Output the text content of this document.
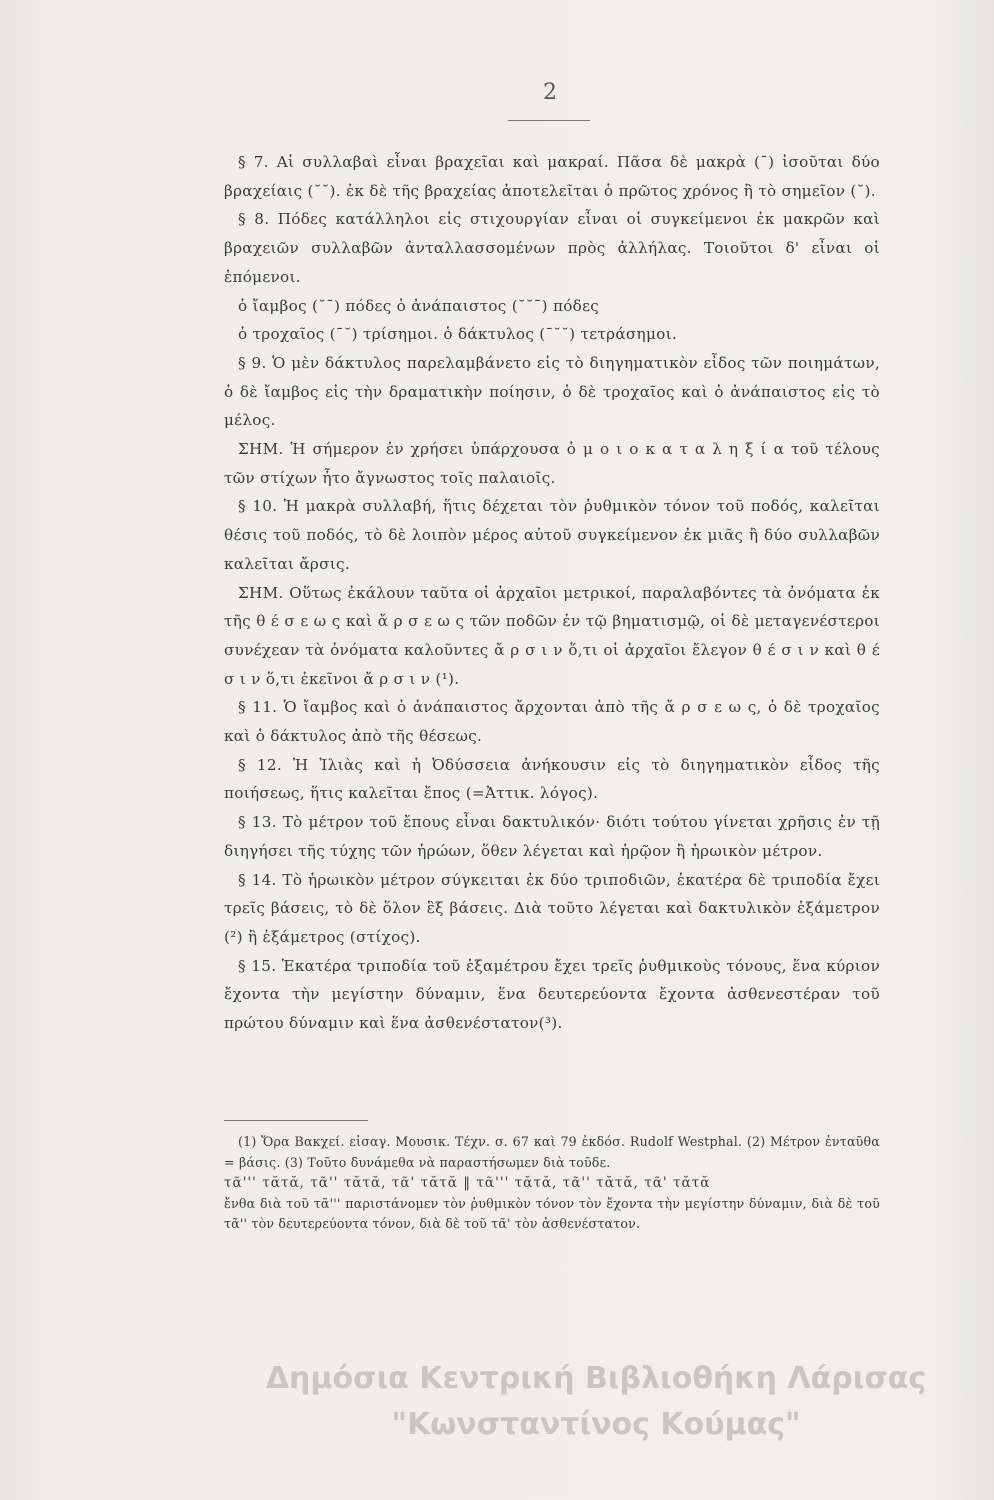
2

§ 7. Αἱ συλλαβαὶ εἶναι βραχεῖαι καὶ μακραί. Πᾶσα δὲ μακρὰ (¯) ἰσοῦται δύο βραχείαις (˘˘). ἐκ δὲ τῆς βραχείας ἀποτελεῖται ὁ πρῶτος χρόνος ἢ τὸ σημεῖον (˘).

§ 8. Πόδες κατάλληλοι εἰς στιχουργίαν εἶναι οἱ συγκείμενοι ἐκ μακρῶν καὶ βραχειῶν συλλαβῶν ἀνταλλασσομένων πρὸς ἀλλήλας. Τοιοῦτοι δ' εἶναι οἱ ἑπόμενοι.

ὁ ἴαμβος (˘¯) πόδες ὁ ἀνάπαιστος (˘˘¯) πόδες

ὁ τροχαῖος (¯˘) τρίσημοι. ὁ δάκτυλος (¯˘˘) τετράσημοι.

§ 9. Ὁ μὲν δάκτυλος παρελαμβάνετο εἰς τὸ διηγηματικὸν εἶδος τῶν ποιημάτων, ὁ δὲ ἴαμβος εἰς τὴν δραματικὴν ποίησιν, ὁ δὲ τροχαῖος καὶ ὁ ἀνάπαιστος εἰς τὸ μέλος.

ΣΗΜ. Ἡ σήμερον ἐν χρήσει ὑπάρχουσα ὁ μ ο ι ο κ α τ α λ η ξ ί α τοῦ τέλους τῶν στίχων ἦτο ἄγνωστος τοῖς παλαιοῖς.

§ 10. Ἡ μακρὰ συλλαβή, ἥτις δέχεται τὸν ῥυθμικὸν τόνον τοῦ ποδός, καλεῖται θέσις τοῦ ποδός, τὸ δὲ λοιπὸν μέρος αὐτοῦ συγκείμενον ἐκ μιᾶς ἢ δύο συλλαβῶν καλεῖται ἄρσις.

ΣΗΜ. Οὕτως ἐκάλουν ταῦτα οἱ ἀρχαῖοι μετρικοί, παραλαβόντες τὰ ὀνόματα ἐκ τῆς θ έ σ ε ω ς καὶ ἄ ρ σ ε ω ς τῶν ποδῶν ἐν τῷ βηματισμῷ, οἱ δὲ μεταγενέστεροι συνέχεαν τὰ ὀνόματα καλοῦντες ἄ ρ σ ι ν ὅ,τι οἱ ἀρχαῖοι ἔλεγον θ έ σ ι ν καὶ θ έ σ ι ν ὅ,τι ἐκεῖνοι ἄ ρ σ ι ν (¹).

§ 11. Ὁ ἴαμβος καὶ ὁ ἀνάπαιστος ἄρχονται ἀπὸ τῆς ἄ ρ σ ε ω ς, ὁ δὲ τροχαῖος καὶ ὁ δάκτυλος ἀπὸ τῆς θέσεως.

§ 12. Ἡ Ἰλιὰς καὶ ἡ Ὀδύσσεια ἀνήκουσιν εἰς τὸ διηγηματικὸν εἶδος τῆς ποιήσεως, ἥτις καλεῖται ἔπος (=Ἀττικ. λόγος).

§ 13. Τὸ μέτρον τοῦ ἔπους εἶναι δακτυλικόν· διότι τούτου γίνεται χρῆσις ἐν τῇ διηγήσει τῆς τύχης τῶν ἡρώων, ὅθεν λέγεται καὶ ἡρῷον ἢ ἡρωικὸν μέτρον.

§ 14. Τὸ ἡρωικὸν μέτρον σύγκειται ἐκ δύο τριποδιῶν, ἑκατέρα δὲ τριποδία ἔχει τρεῖς βάσεις, τὸ δὲ ὅλον ἓξ βάσεις. Διὰ τοῦτο λέγεται καὶ δακτυλικὸν ἑξάμετρον (²) ἢ ἑξάμετρος (στίχος).

§ 15. Ἑκατέρα τριποδία τοῦ ἑξαμέτρου ἔχει τρεῖς ῥυθμικοὺς τόνους, ἕνα κύριον ἔχοντα τὴν μεγίστην δύναμιν, ἕνα δευτερεύοντα ἔχοντα ἀσθενεστέραν τοῦ πρώτου δύναμιν καὶ ἕνα ἀσθενέστατον(³).

(1) Ὅρα Βακχεί. εἰσαγ. Μουσικ. Τέχν. σ. 67 καὶ 79 ἐκδόσ. Rudolf Westphal. (2) Μέτρον ἐνταῦθα = βάσις. (3) Τοῦτο δυνάμεθα νὰ παραστήσωμεν διὰ τοῦδε.

τᾶ''' τᾰτᾰ, τᾶ'' τᾰτᾰ, τᾶ' τᾰτᾰ ‖ τᾶ''' τᾰτᾰ, τᾶ'' τᾰτᾰ, τᾶ' τᾰτᾰ

ἔνθα διὰ τοῦ τᾶ''' παριστάνομεν τὸν ῥυθμικὸν τόνον τὸν ἔχοντα τὴν μεγίστην δύναμιν, διὰ δὲ τοῦ τᾶ'' τὸν δευτερεύοντα τόνον, διὰ δὲ τοῦ τᾶ' τὸν ἀσθενέστατον.

Δημόσια Κεντρική Βιβλιοθήκη Λάρισας
"Κωνσταντίνος Κούμας"
